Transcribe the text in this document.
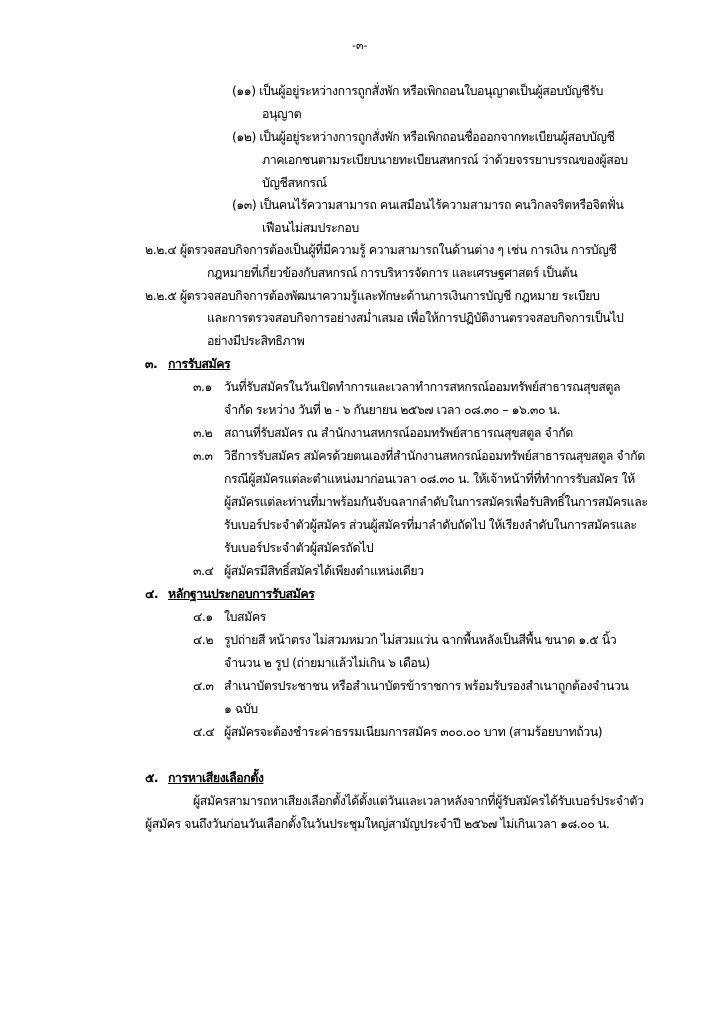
-๓-
(๑๑) เป็นผู้อยู่ระหว่างการถูกสั่งพัก หรือเพิกถอนใบอนุญาตเป็นผู้สอบบัญชีรับ
อนุญาต
(๑๒) เป็นผู้อยู่ระหว่างการถูกสั่งพัก หรือเพิกถอนชื่อออกจากทะเบียนผู้สอบบัญชี
ภาคเอกชนตามระเบียบนายทะเบียนสหกรณ์ ว่าด้วยจรรยาบรรณของผู้สอบ
บัญชีสหกรณ์
(๑๓) เป็นคนไร้ความสามารถ คนเสมือนไร้ความสามารถ คนวิกลจริตหรือจิตฟั่น
เฟือนไม่สมประกอบ
๒.๒.๔ ผู้ตรวจสอบกิจการต้องเป็นผู้ที่มีความรู้ ความสามารถในด้านต่าง ๆ เช่น การเงิน การบัญชี
กฎหมายที่เกี่ยวข้องกับสหกรณ์ การบริหารจัดการ และเศรษฐศาสตร์ เป็นต้น
๒.๒.๕ ผู้ตรวจสอบกิจการต้องพัฒนาความรู้และทักษะด้านการเงินการบัญชี กฎหมาย ระเบียบ
และการตรวจสอบกิจการอย่างสม่ำเสมอ เพื่อให้การปฏิบัติงานตรวจสอบกิจการเป็นไป
อย่างมีประสิทธิภาพ
๓. การรับสมัคร
๓.๑ วันที่รับสมัครในวันเปิดทำการและเวลาทำการสหกรณ์ออมทรัพย์สาธารณสุขสตูล
จำกัด ระหว่าง วันที่ ๒ - ๖ กันยายน ๒๕๖๗ เวลา ๐๘.๓๐ – ๑๖.๓๐ น.
๓.๒ สถานที่รับสมัคร ณ สำนักงานสหกรณ์ออมทรัพย์สาธารณสุขสตูล จำกัด
๓.๓ วิธีการรับสมัคร สมัครด้วยตนเองที่สำนักงานสหกรณ์ออมทรัพย์สาธารณสุขสตูล จำกัด
กรณีผู้สมัครแต่ละตำแหน่งมาก่อนเวลา ๐๘.๓๐ น. ให้เจ้าหน้าที่ที่ทำการรับสมัคร ให้
ผู้สมัครแต่ละท่านที่มาพร้อมกันจับฉลากลำดับในการสมัครเพื่อรับสิทธิ์ในการสมัครและ
รับเบอร์ประจำตัวผู้สมัคร ส่วนผู้สมัครที่มาลำดับถัดไป ให้เรียงลำดับในการสมัครและ
รับเบอร์ประจำตัวผู้สมัครถัดไป
๓.๔ ผู้สมัครมีสิทธิ์สมัครได้เพียงตำแหน่งเดียว
๔. หลักฐานประกอบการรับสมัคร
๔.๑ ใบสมัคร
๔.๒ รูปถ่ายสี หน้าตรง ไม่สวมหมวก ไม่สวมแว่น ฉากพื้นหลังเป็นสีพื้น ขนาด ๑.๕ นิ้ว
จำนวน ๒ รูป (ถ่ายมาแล้วไม่เกิน ๖ เดือน)
๔.๓ สำเนาบัตรประชาชน หรือสำเนาบัตรข้าราชการ พร้อมรับรองสำเนาถูกต้องจำนวน
๑ ฉบับ
๔.๔ ผู้สมัครจะต้องชำระค่าธรรมเนียมการสมัคร ๓๐๐.๐๐ บาท (สามร้อยบาทถ้วน)
๕. การหาเสียงเลือกตั้ง
ผู้สมัครสามารถหาเสียงเลือกตั้งได้ตั้งแต่วันและเวลาหลังจากที่ผู้รับสมัครได้รับเบอร์ประจำตัว
ผู้สมัคร จนถึงวันก่อนวันเลือกตั้งในวันประชุมใหญ่สามัญประจำปี ๒๕๖๗ ไม่เกินเวลา ๑๘.๐๐ น.
